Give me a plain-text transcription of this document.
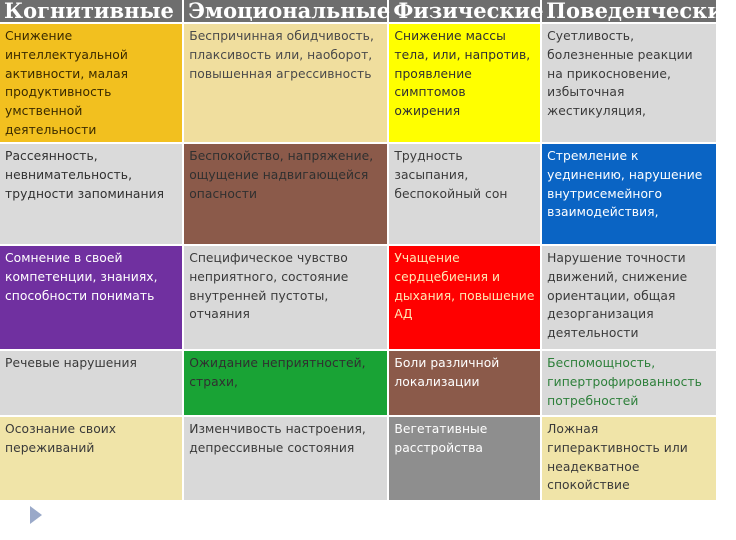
Когнитивные	Эмоциональные	Физические	Поведенческие
Снижение интеллектуальной активности, малая продуктивность умственной деятельности	Беспричинная обидчивость, плаксивость или, наоборот, повышенная агрессивность	Снижение массы тела, или, напротив, проявление симптомов ожирения	Суетливость, болезненные реакции на прикосновение, избыточная жестикуляция,
Рассеянность, невнимательность, трудности запоминания	Беспокойство, напряжение, ощущение надвигающейся опасности	Трудность засыпания, беспокойный сон	Стремление к уединению, нарушение внутрисемейного взаимодействия,
Сомнение в своей компетенции, знаниях, способности понимать	Специфическое чувство неприятного, состояние внутренней пустоты, отчаяния	Учащение сердцебиения и дыхания, повышение АД	Нарушение точности движений, снижение ориентации, общая дезорганизация деятельности
Речевые нарушения	Ожидание неприятностей, страхи,	Боли различной локализации	Беспомощность, гипертрофированность потребностей
Осознание своих переживаний	Изменчивость настроения, депрессивные состояния	Вегетативные расстройства	Ложная гиперактивность или неадекватное спокойствие
